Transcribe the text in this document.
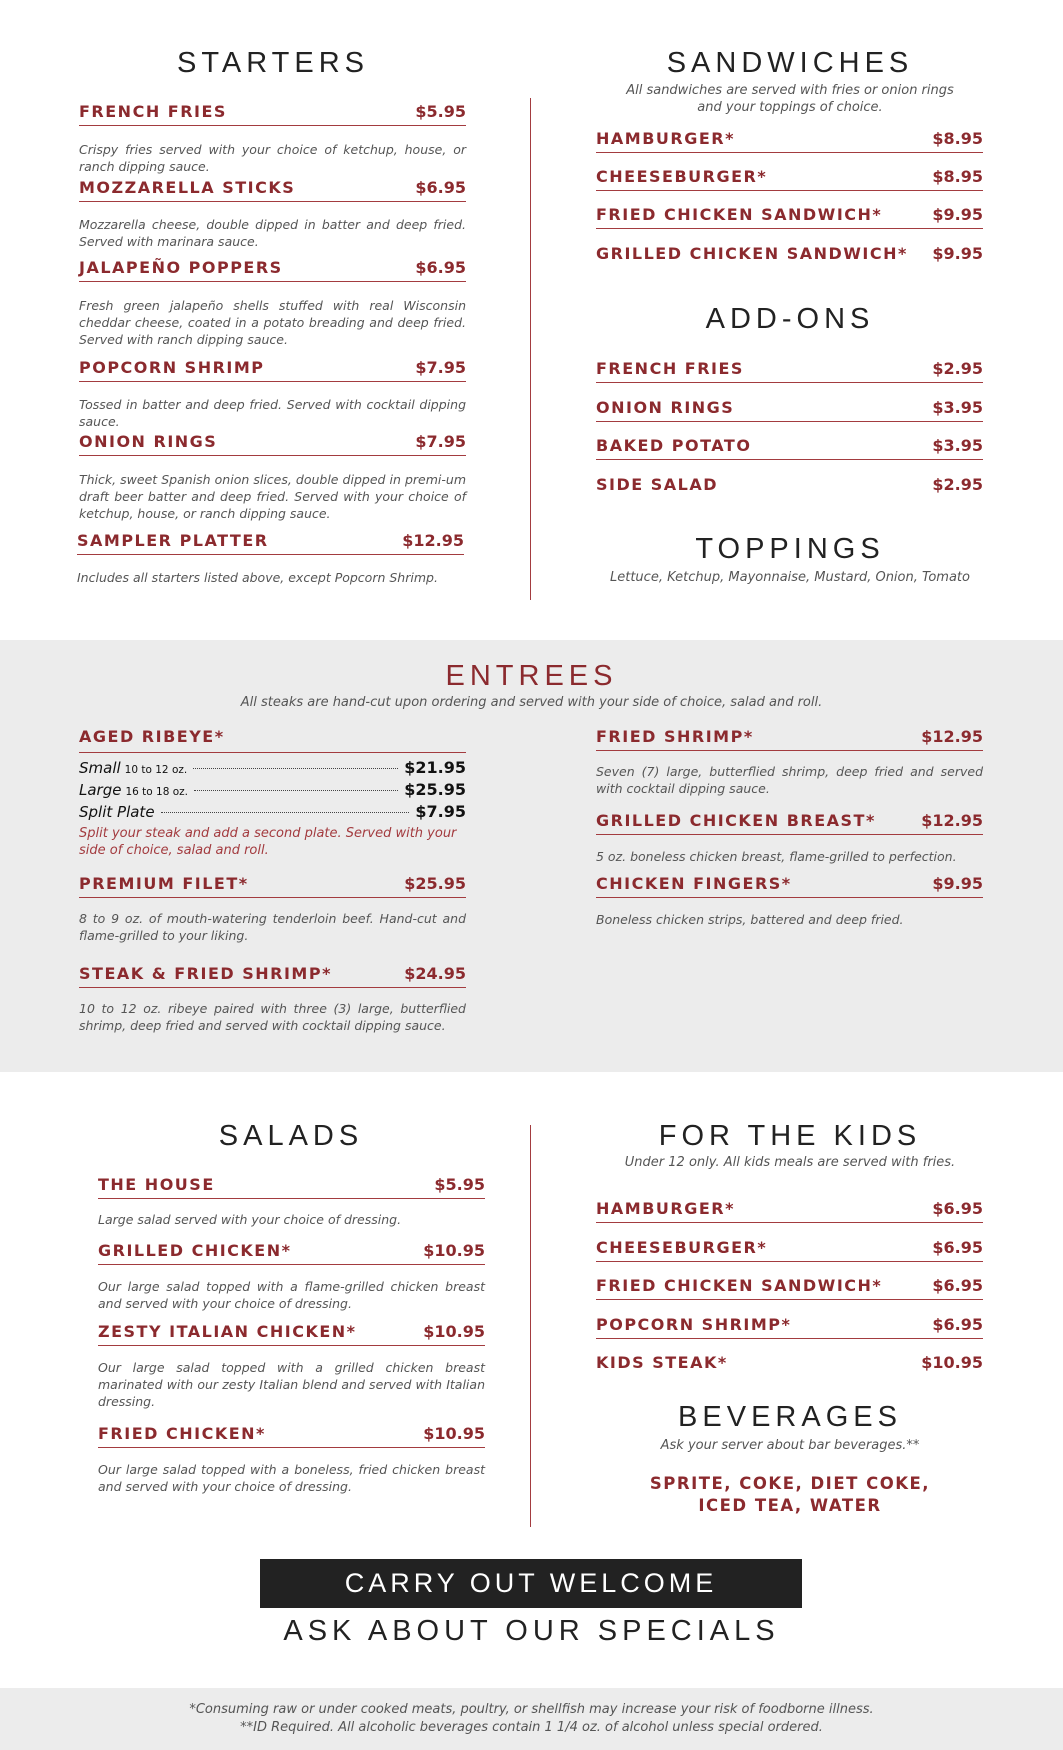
STARTERS
FRENCH FRIES	$5.95
Crispy fries served with your choice of ketchup, house, or ranch dipping sauce.
MOZZARELLA STICKS	$6.95
Mozzarella cheese, double dipped in batter and deep fried. Served with marinara sauce.
JALAPEÑO POPPERS	$6.95
Fresh green jalapeño shells stuffed with real Wisconsin cheddar cheese, coated in a potato breading and deep fried. Served with ranch dipping sauce.
POPCORN SHRIMP	$7.95
Tossed in batter and deep fried. Served with cocktail dipping sauce.
ONION RINGS	$7.95
Thick, sweet Spanish onion slices, double dipped in premi-um draft beer batter and deep fried. Served with your choice of ketchup, house, or ranch dipping sauce.
SAMPLER PLATTER	$12.95
Includes all starters listed above, except Popcorn Shrimp.
SANDWICHES
All sandwiches are served with fries or onion rings
and your toppings of choice.
HAMBURGER*	$8.95
CHEESEBURGER*	$8.95
FRIED CHICKEN SANDWICH*	$9.95
GRILLED CHICKEN SANDWICH* $9.95
ADD-ONS
FRENCH FRIES	$2.95
ONION RINGS	$3.95
BAKED POTATO	$3.95
SIDE SALAD	$2.95
TOPPINGS
Lettuce, Ketchup, Mayonnaise, Mustard, Onion, Tomato
ENTREES
All steaks are hand-cut upon ordering and served with your side of choice, salad and roll.
AGED RIBEYE*
Small 10 to 12 oz.	$21.95
Large 16 to 18 oz.	$25.95
Split Plate	$7.95
Split your steak and add a second plate. Served with your side of choice, salad and roll.
PREMIUM FILET*	$25.95
8 to 9 oz. of mouth-watering tenderloin beef. Hand-cut and flame-grilled to your liking.
STEAK & FRIED SHRIMP*	$24.95
10 to 12 oz. ribeye paired with three (3) large, butterflied shrimp, deep fried and served with cocktail dipping sauce.
FRIED SHRIMP*	$12.95
Seven (7) large, butterflied shrimp, deep fried and served with cocktail dipping sauce.
GRILLED CHICKEN BREAST*	$12.95
5 oz. boneless chicken breast, flame-grilled to perfection.
CHICKEN FINGERS*	$9.95
Boneless chicken strips, battered and deep fried.
SALADS
THE HOUSE	$5.95
Large salad served with your choice of dressing.
GRILLED CHICKEN*	$10.95
Our large salad topped with a flame-grilled chicken breast and served with your choice of dressing.
ZESTY ITALIAN CHICKEN*	$10.95
Our large salad topped with a grilled chicken breast marinated with our zesty Italian blend and served with Italian dressing.
FRIED CHICKEN*	$10.95
Our large salad topped with a boneless, fried chicken breast and served with your choice of dressing.
FOR THE KIDS
Under 12 only. All kids meals are served with fries.
HAMBURGER*	$6.95
CHEESEBURGER*	$6.95
FRIED CHICKEN SANDWICH*	$6.95
POPCORN SHRIMP*	$6.95
KIDS STEAK*	$10.95
BEVERAGES
Ask your server about bar beverages.**
SPRITE, COKE, DIET COKE,
ICED TEA, WATER
CARRY OUT WELCOME
ASK ABOUT OUR SPECIALS
*Consuming raw or under cooked meats, poultry, or shellfish may increase your risk of foodborne illness.
**ID Required. All alcoholic beverages contain 1 1/4 oz. of alcohol unless special ordered.
